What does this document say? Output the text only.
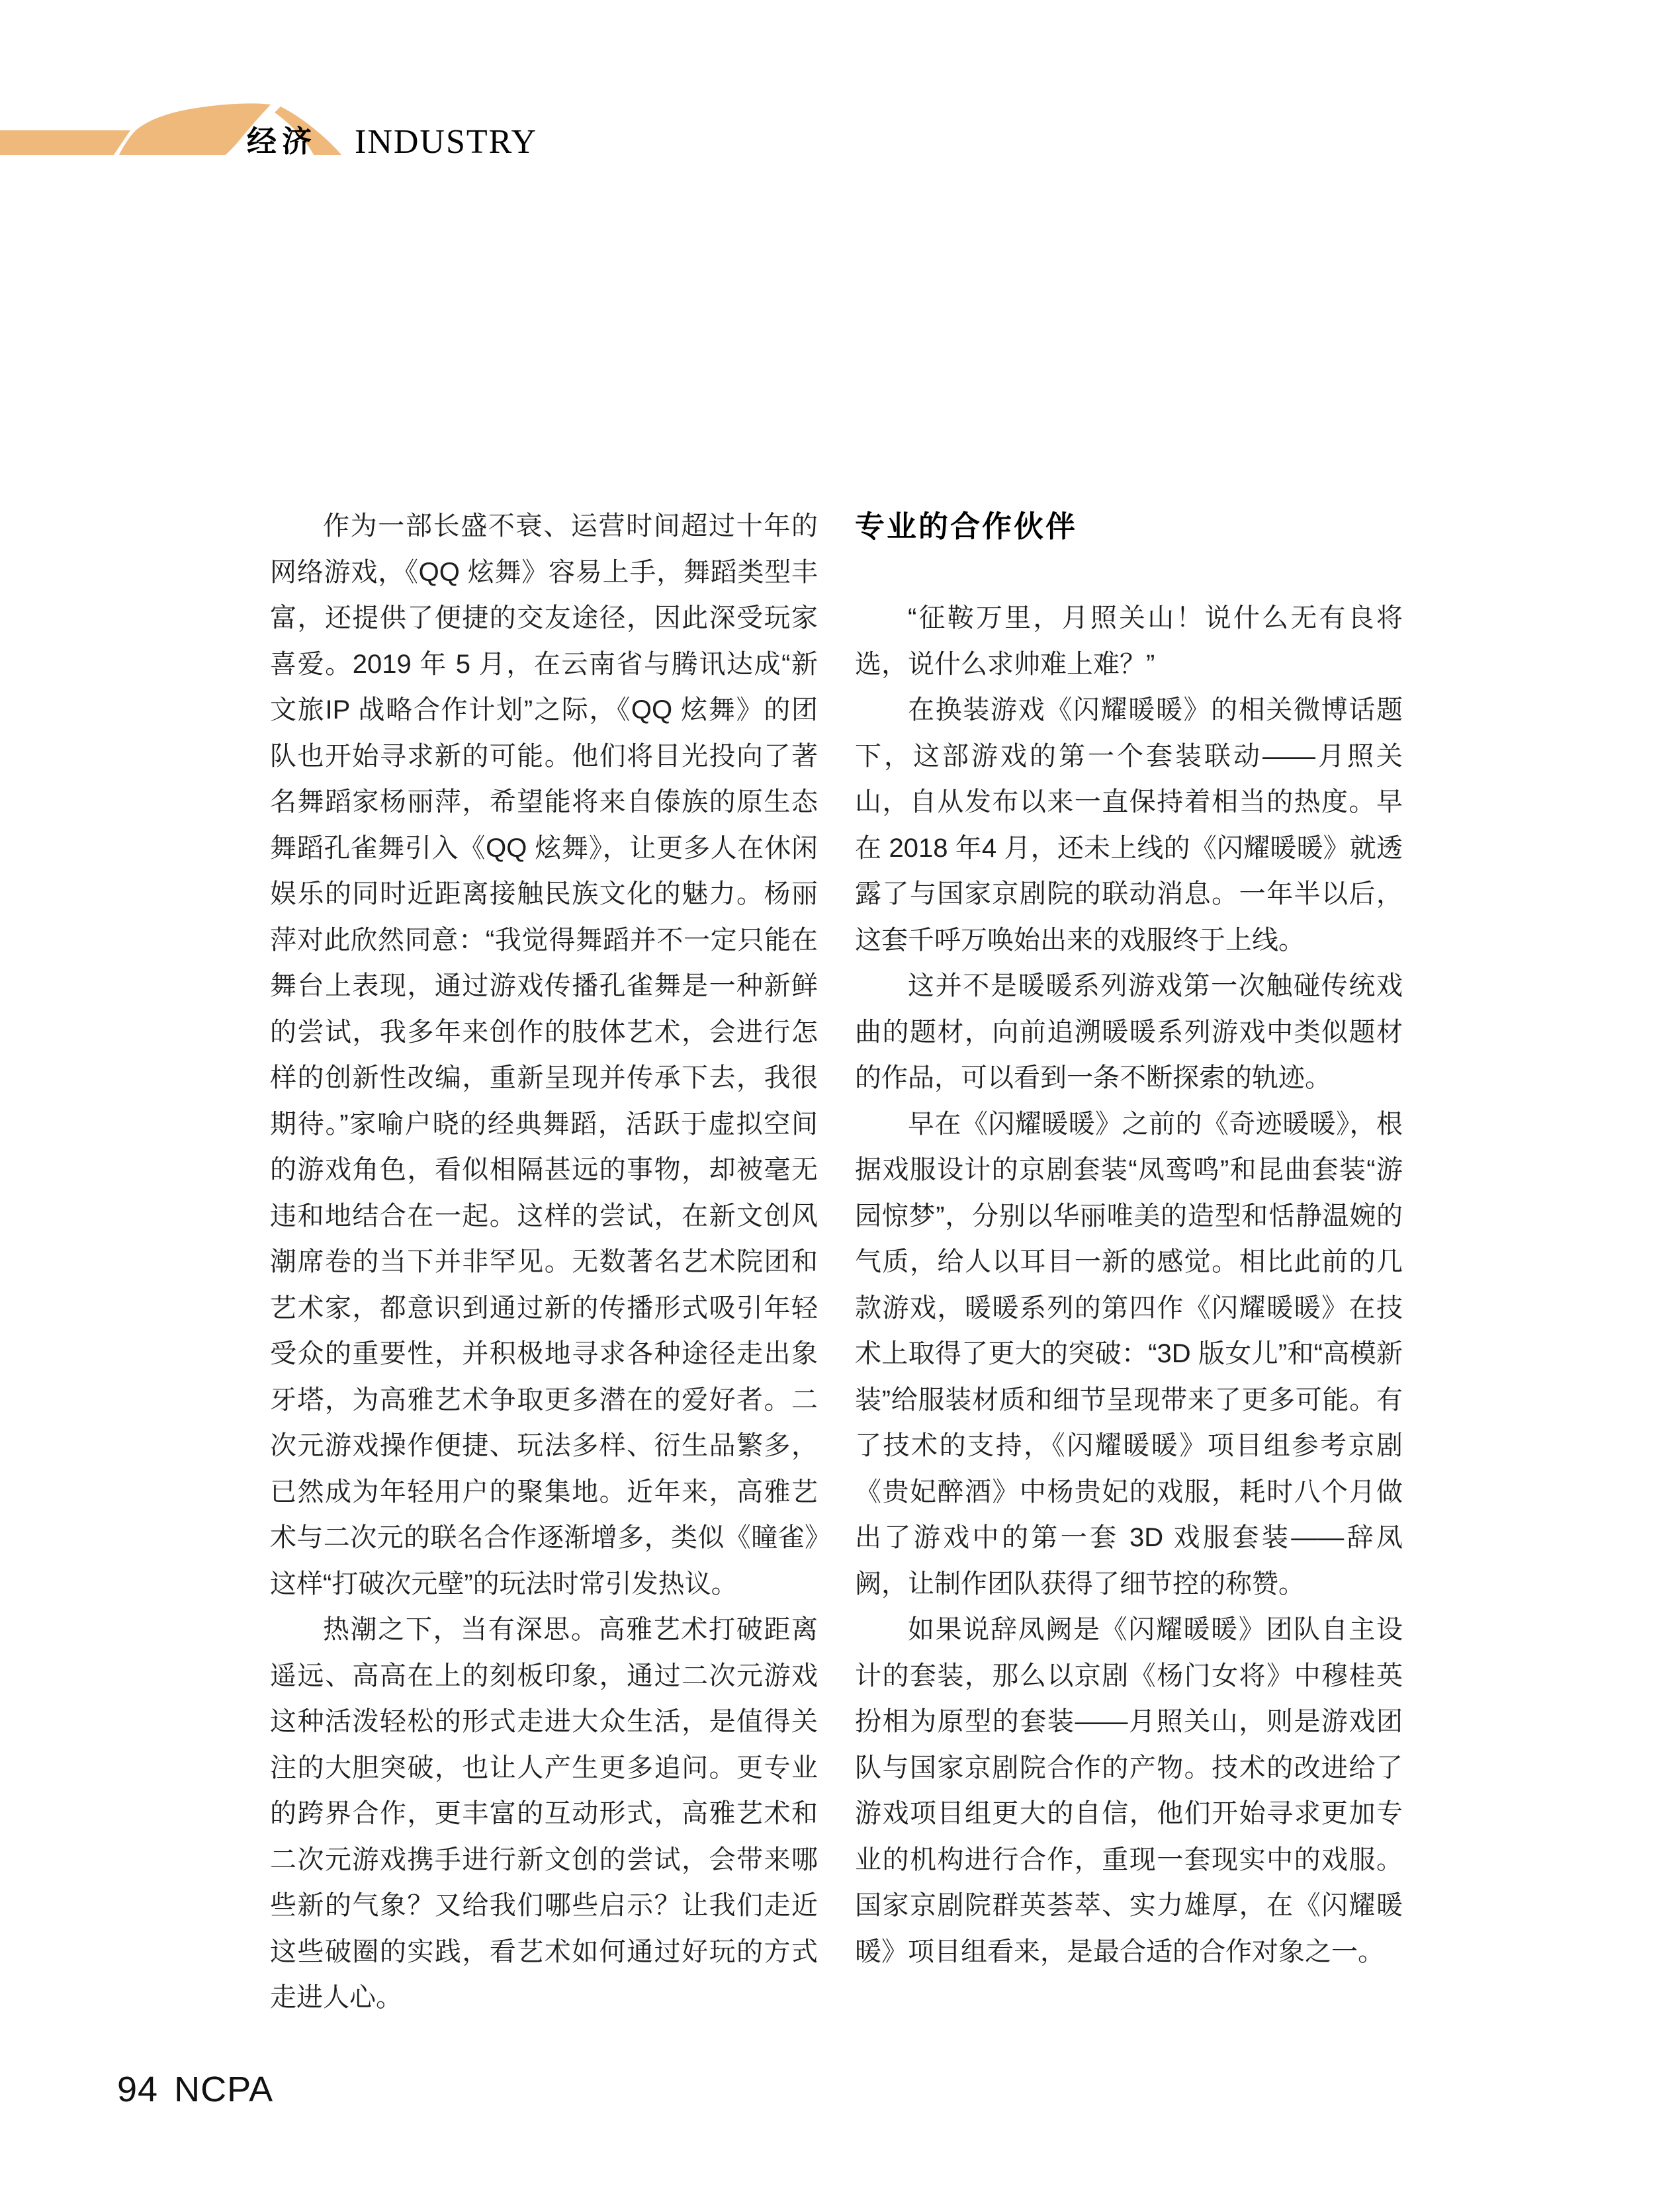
经济 INDUSTRY

作为一部长盛不衰、运营时间超过十年的网络游戏，《QQ 炫舞》容易上手，舞蹈类型丰富，还提供了便捷的交友途径，因此深受玩家喜爱。2019 年 5 月，在云南省与腾讯达成“新文旅IP 战略合作计划”之际，《QQ 炫舞》的团队也开始寻求新的可能。他们将目光投向了著名舞蹈家杨丽萍，希望能将来自傣族的原生态舞蹈孔雀舞引入《QQ 炫舞》，让更多人在休闲娱乐的同时近距离接触民族文化的魅力。杨丽萍对此欣然同意：“我觉得舞蹈并不一定只能在舞台上表现，通过游戏传播孔雀舞是一种新鲜的尝试，我多年来创作的肢体艺术，会进行怎样的创新性改编，重新呈现并传承下去，我很期待。”家喻户晓的经典舞蹈，活跃于虚拟空间的游戏角色，看似相隔甚远的事物，却被毫无违和地结合在一起。这样的尝试，在新文创风潮席卷的当下并非罕见。无数著名艺术院团和艺术家，都意识到通过新的传播形式吸引年轻受众的重要性，并积极地寻求各种途径走出象牙塔，为高雅艺术争取更多潜在的爱好者。二次元游戏操作便捷、玩法多样、衍生品繁多，已然成为年轻用户的聚集地。近年来，高雅艺术与二次元的联名合作逐渐增多，类似《瞳雀》这样“打破次元壁”的玩法时常引发热议。

热潮之下，当有深思。高雅艺术打破距离遥远、高高在上的刻板印象，通过二次元游戏这种活泼轻松的形式走进大众生活，是值得关注的大胆突破，也让人产生更多追问。更专业的跨界合作，更丰富的互动形式，高雅艺术和二次元游戏携手进行新文创的尝试，会带来哪些新的气象？又给我们哪些启示？让我们走近这些破圈的实践，看艺术如何通过好玩的方式走进人心。

专业的合作伙伴

“征鞍万里，月照关山！说什么无有良将选，说什么求帅难上难？”

在换装游戏《闪耀暖暖》的相关微博话题下，这部游戏的第一个套装联动——月照关山，自从发布以来一直保持着相当的热度。早在 2018 年4 月，还未上线的《闪耀暖暖》就透露了与国家京剧院的联动消息。一年半以后，这套千呼万唤始出来的戏服终于上线。

这并不是暖暖系列游戏第一次触碰传统戏曲的题材，向前追溯暖暖系列游戏中类似题材的作品，可以看到一条不断探索的轨迹。

早在《闪耀暖暖》之前的《奇迹暖暖》，根据戏服设计的京剧套装“凤鸾鸣”和昆曲套装“游园惊梦”，分别以华丽唯美的造型和恬静温婉的气质，给人以耳目一新的感觉。相比此前的几款游戏，暖暖系列的第四作《闪耀暖暖》在技术上取得了更大的突破：“3D 版女儿”和“高模新装”给服装材质和细节呈现带来了更多可能。有了技术的支持，《闪耀暖暖》项目组参考京剧《贵妃醉酒》中杨贵妃的戏服，耗时八个月做出了游戏中的第一套 3D 戏服套装——辞凤阙，让制作团队获得了细节控的称赞。

如果说辞凤阙是《闪耀暖暖》团队自主设计的套装，那么以京剧《杨门女将》中穆桂英扮相为原型的套装——月照关山，则是游戏团队与国家京剧院合作的产物。技术的改进给了游戏项目组更大的自信，他们开始寻求更加专业的机构进行合作，重现一套现实中的戏服。国家京剧院群英荟萃、实力雄厚，在《闪耀暖暖》项目组看来，是最合适的合作对象之一。

94 NCPA
